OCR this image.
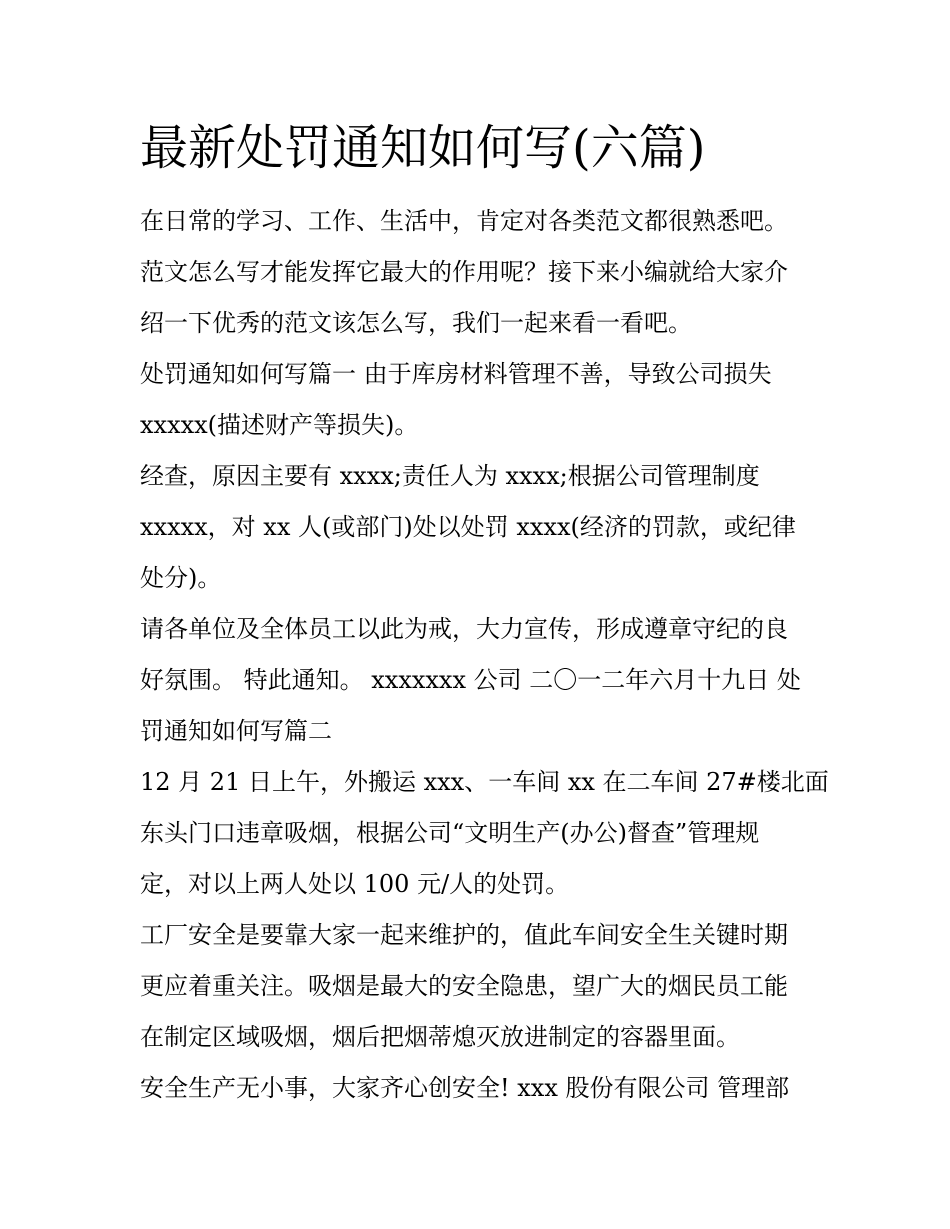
最新处罚通知如何写(六篇)

在日常的学习、工作、生活中，肯定对各类范文都很熟悉吧。
范文怎么写才能发挥它最大的作用呢？接下来小编就给大家介
绍一下优秀的范文该怎么写，我们一起来看一看吧。

处罚通知如何写篇一 由于库房材料管理不善，导致公司损失
xxxxx(描述财产等损失)。

经查，原因主要有 xxxx;责任人为 xxxx;根据公司管理制度
xxxxx，对 xx 人(或部门)处以处罚 xxxx(经济的罚款，或纪律
处分)。

请各单位及全体员工以此为戒，大力宣传，形成遵章守纪的良
好氛围。 特此通知。 xxxxxxx 公司 二〇一二年六月十九日 处
罚通知如何写篇二

12 月 21 日上午，外搬运 xxx、一车间 xx 在二车间 27#楼北面
东头门口违章吸烟，根据公司“文明生产(办公)督查”管理规
定，对以上两人处以 100 元/人的处罚。

工厂安全是要靠大家一起来维护的，值此车间安全生关键时期
更应着重关注。吸烟是最大的安全隐患，望广大的烟民员工能
在制定区域吸烟，烟后把烟蒂熄灭放进制定的容器里面。

安全生产无小事，大家齐心创安全! xxx 股份有限公司 管理部
